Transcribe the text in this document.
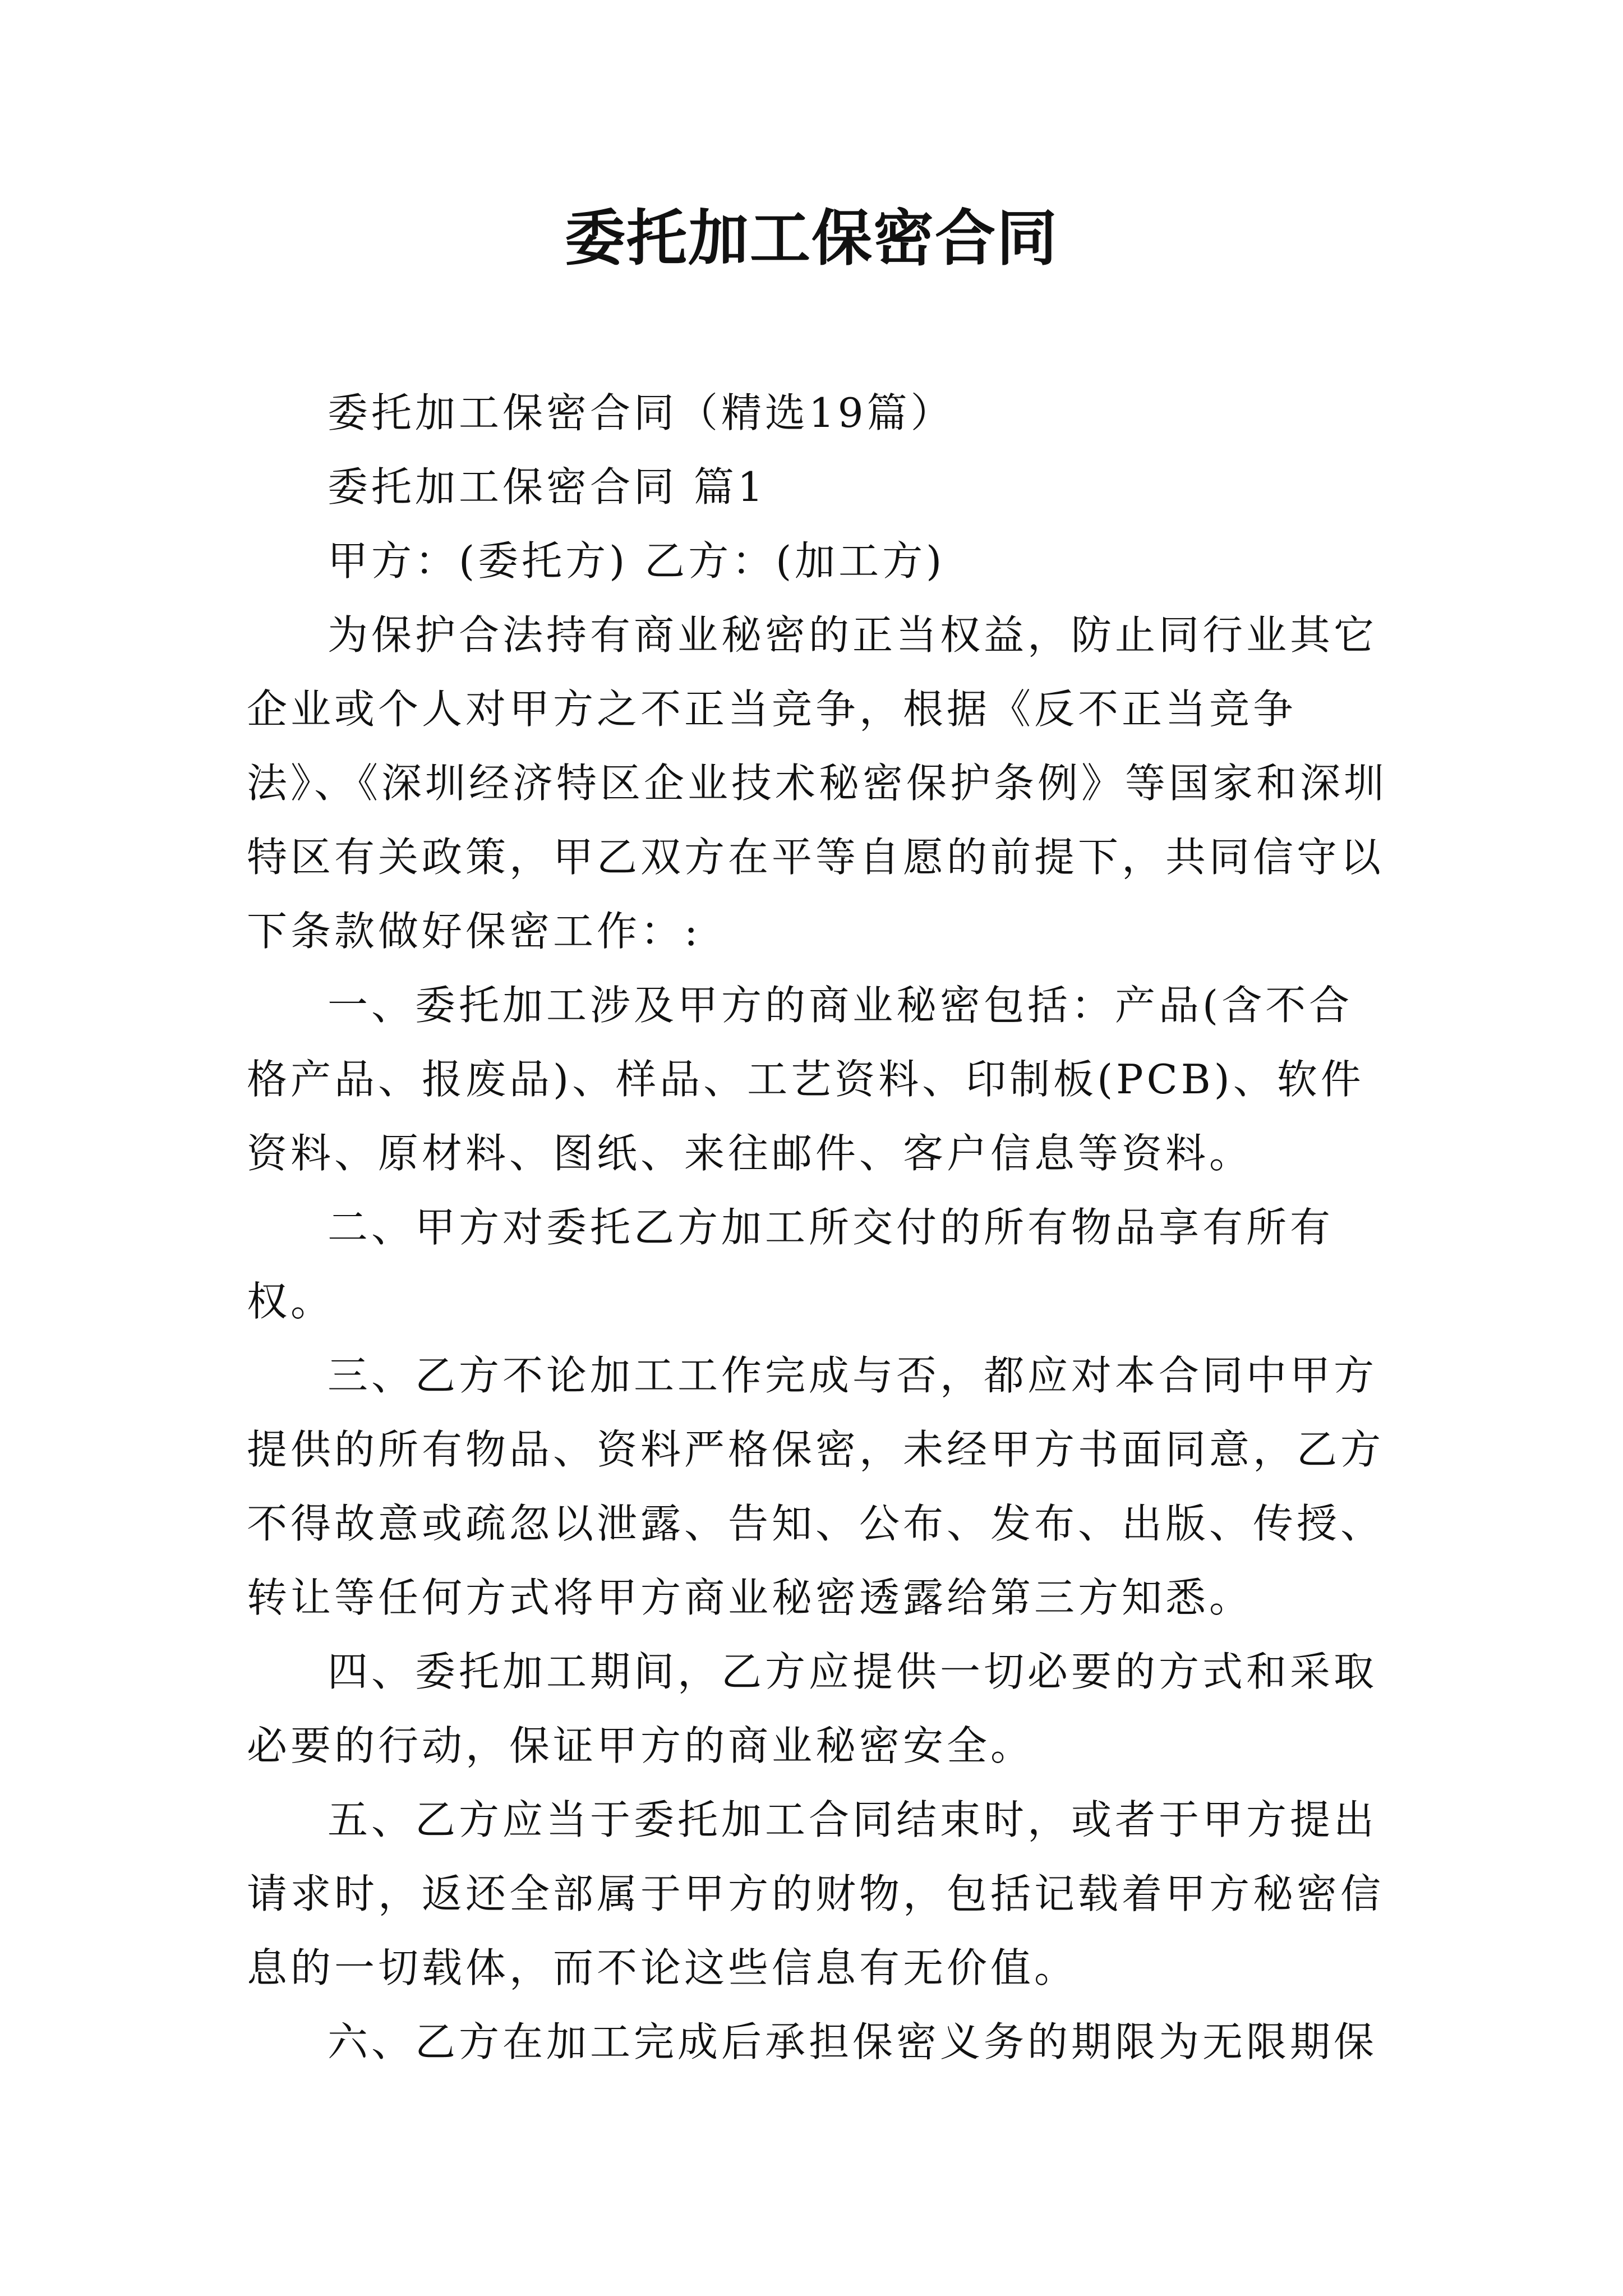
委托加工保密合同

委托加工保密合同（精选19篇）

委托加工保密合同 篇1

甲方：(委托方) 乙方：(加工方)

为保护合法持有商业秘密的正当权益，防止同行业其它企业或个人对甲方之不正当竞争，根据《反不正当竞争法》、《深圳经济特区企业技术秘密保护条例》等国家和深圳特区有关政策，甲乙双方在平等自愿的前提下，共同信守以下条款做好保密工作：:

一、委托加工涉及甲方的商业秘密包括：产品(含不合格产品、报废品)、样品、工艺资料、印制板(PCB)、软件资料、原材料、图纸、来往邮件、客户信息等资料。

二、甲方对委托乙方加工所交付的所有物品享有所有权。

三、乙方不论加工工作完成与否，都应对本合同中甲方提供的所有物品、资料严格保密，未经甲方书面同意，乙方不得故意或疏忽以泄露、告知、公布、发布、出版、传授、转让等任何方式将甲方商业秘密透露给第三方知悉。

四、委托加工期间，乙方应提供一切必要的方式和采取必要的行动，保证甲方的商业秘密安全。

五、乙方应当于委托加工合同结束时，或者于甲方提出请求时，返还全部属于甲方的财物，包括记载着甲方秘密信息的一切载体，而不论这些信息有无价值。

六、乙方在加工完成后承担保密义务的期限为无限期保
